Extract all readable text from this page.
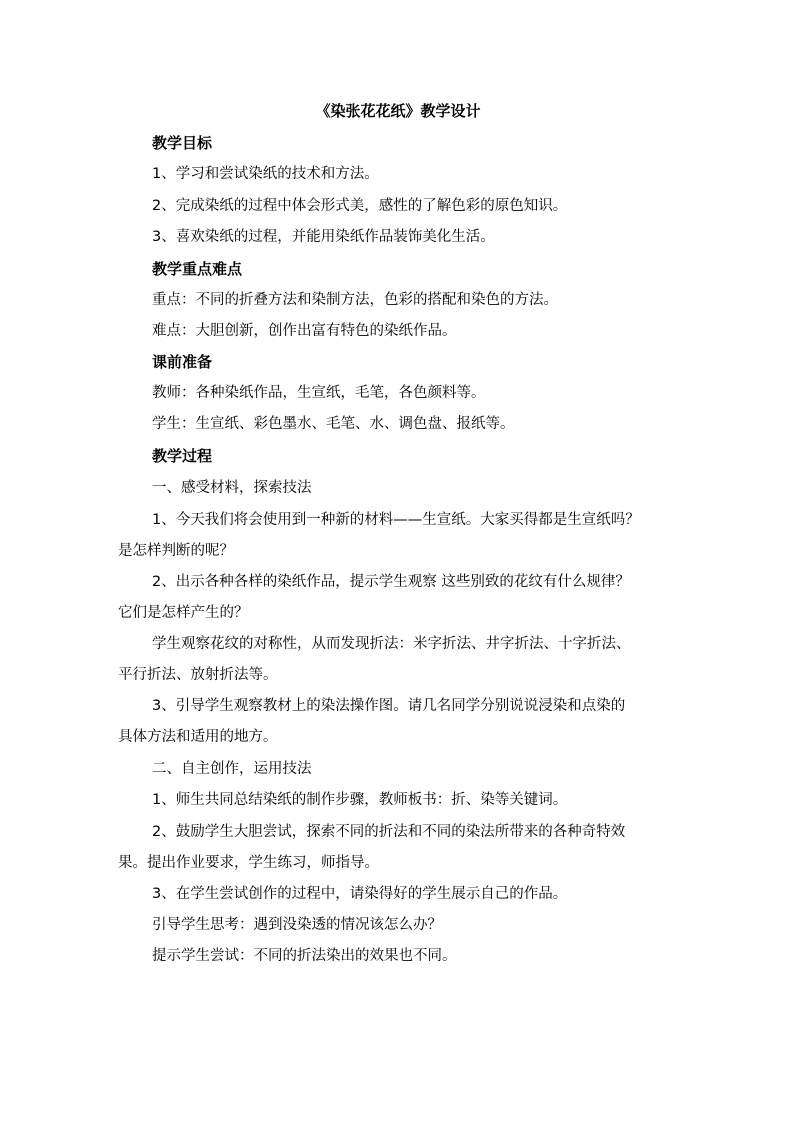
《染张花花纸》教学设计
教学目标
1、学习和尝试染纸的技术和方法。
2、完成染纸的过程中体会形式美，感性的了解色彩的原色知识。
3、喜欢染纸的过程，并能用染纸作品装饰美化生活。
教学重点难点
重点：不同的折叠方法和染制方法，色彩的搭配和染色的方法。
难点：大胆创新，创作出富有特色的染纸作品。
课前准备
教师：各种染纸作品，生宣纸，毛笔，各色颜料等。
学生：生宣纸、彩色墨水、毛笔、水、调色盘、报纸等。
教学过程
一、感受材料，探索技法
1、今天我们将会使用到一种新的材料——生宣纸。大家买得都是生宣纸吗？
是怎样判断的呢？
2、出示各种各样的染纸作品，提示学生观察 这些别致的花纹有什么规律？
它们是怎样产生的？
学生观察花纹的对称性，从而发现折法：米字折法、井字折法、十字折法、
平行折法、放射折法等。
3、引导学生观察教材上的染法操作图。请几名同学分别说说浸染和点染的
具体方法和适用的地方。
二、自主创作，运用技法
1、师生共同总结染纸的制作步骤，教师板书：折、染等关键词。
2、鼓励学生大胆尝试，探索不同的折法和不同的染法所带来的各种奇特效
果。提出作业要求，学生练习，师指导。
3、在学生尝试创作的过程中，请染得好的学生展示自己的作品。
引导学生思考：遇到没染透的情况该怎么办？
提示学生尝试：不同的折法染出的效果也不同。
